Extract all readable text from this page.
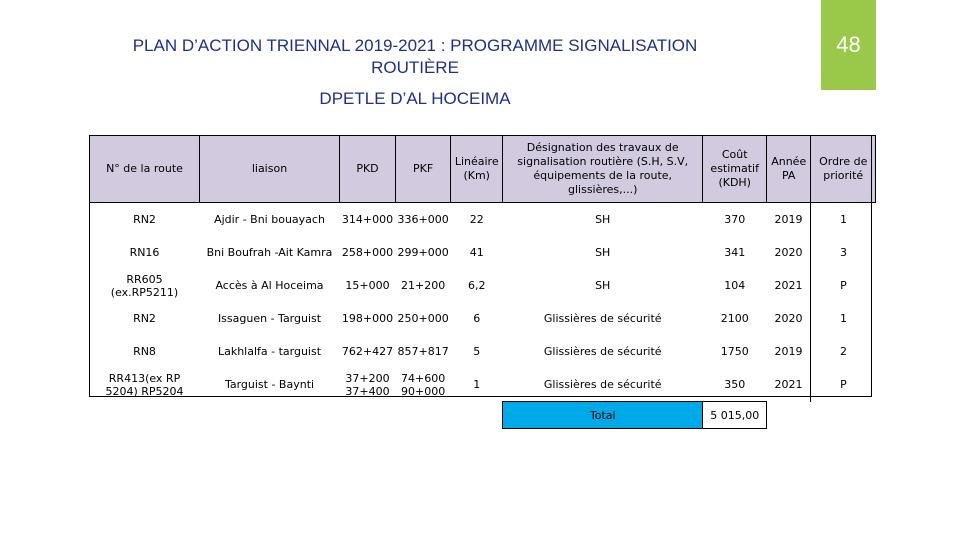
PLAN D’ACTION TRIENNAL 2019-2021 : PROGRAMME SIGNALISATION
ROUTIÈRE
DPETLE D’AL HOCEIMA
48
N° de la route	liaison	PKD	PKF	Linéaire (Km)	Désignation des travaux de signalisation routière (S.H, S.V, équipements de la route, glissières,...)	Coût estimatif (KDH)	Année PA	Ordre de priorité
RN2	Ajdir - Bni bouayach	314+000	336+000	22	SH	370	2019	1
RN16	Bni Boufrah -Ait Kamra	258+000	299+000	41	SH	341	2020	3
RR605 (ex.RP5211)	Accès à Al Hoceima	15+000	21+200	6,2	SH	104	2021	P
RN2	Issaguen - Targuist	198+000	250+000	6	Glissières de sécurité	2100	2020	1
RN8	Lakhlalfa - targuist	762+427	857+817	5	Glissières de sécurité	1750	2019	2
RR413(ex RP 5204) RP5204	Targuist - Baynti	37+200 37+400	74+600 90+000	1	Glissières de sécurité	350	2021	P
					Total	5 015,00		
